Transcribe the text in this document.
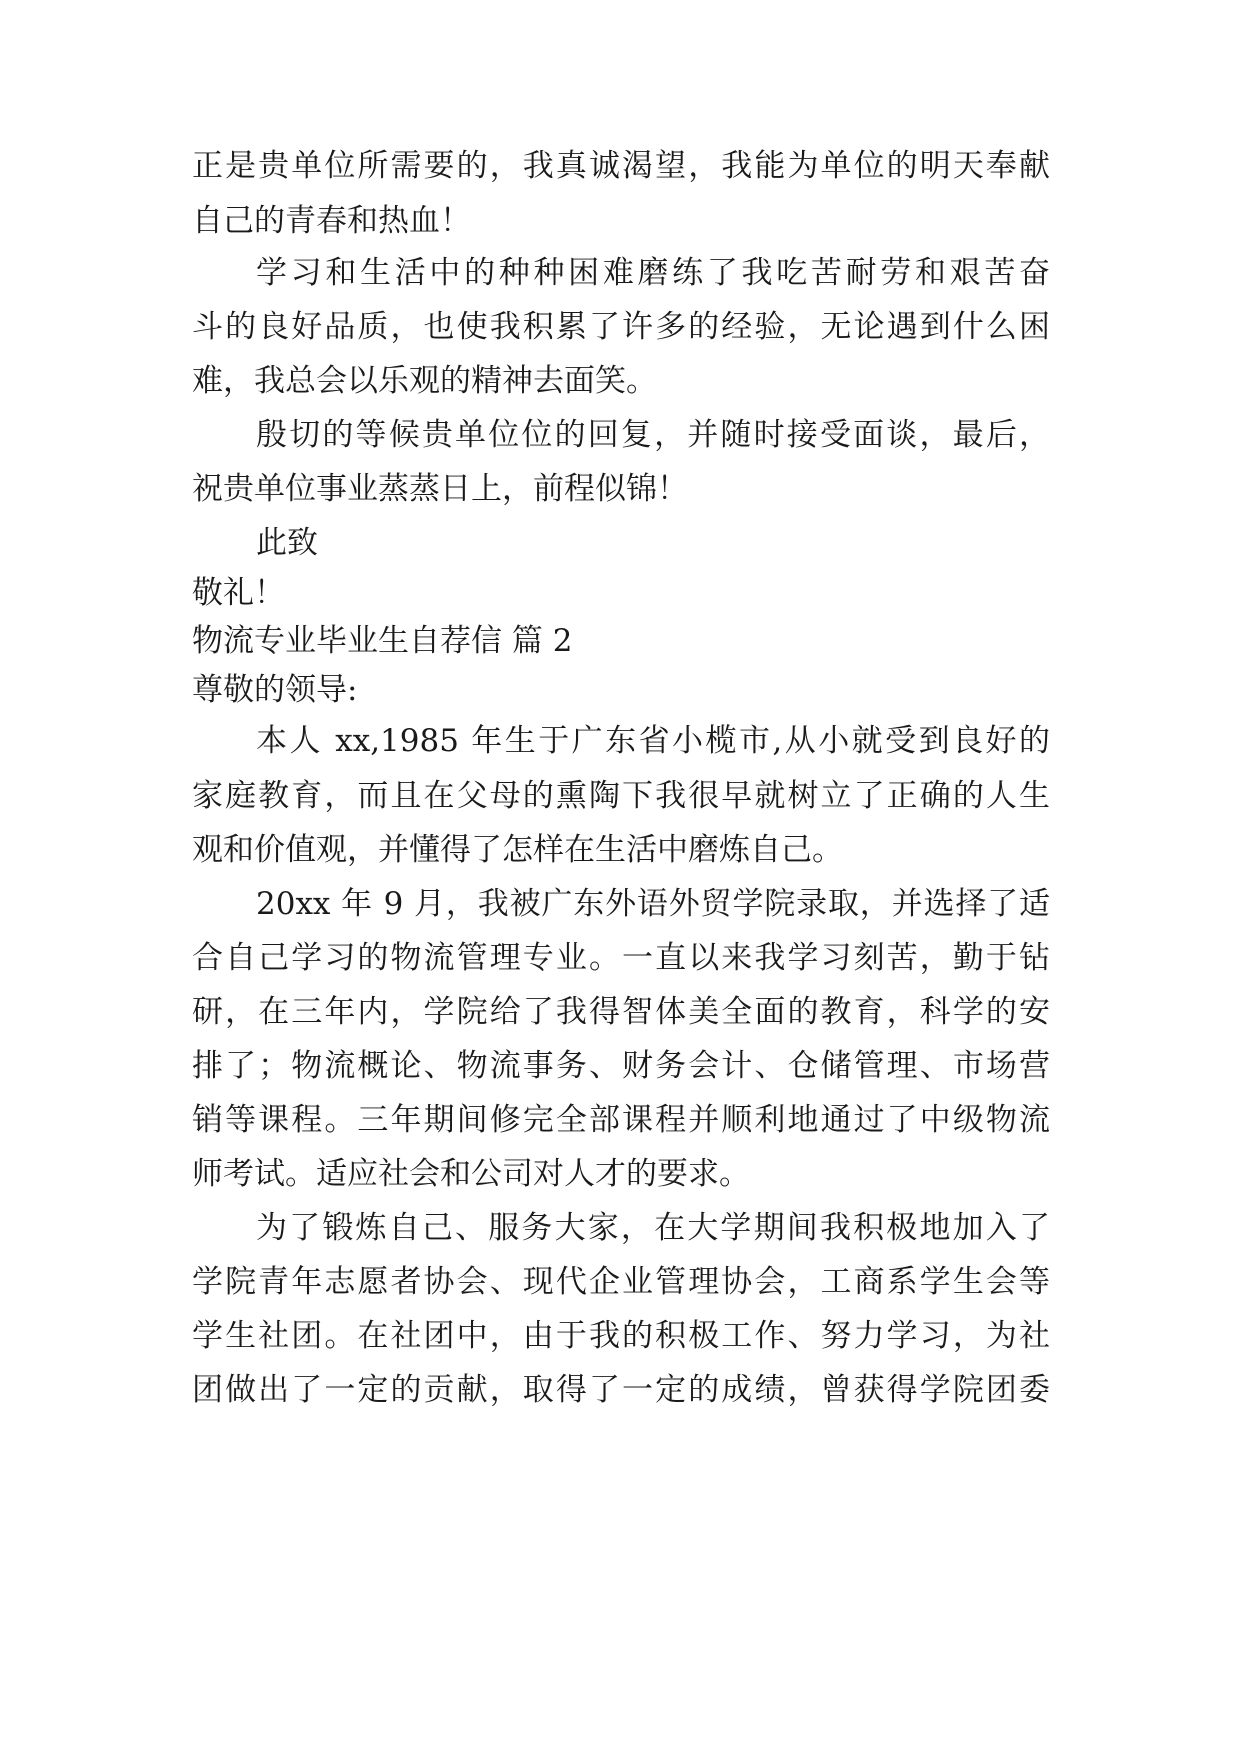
正是贵单位所需要的，我真诚渴望，我能为单位的明天奉献
自己的青春和热血！
学习和生活中的种种困难磨练了我吃苦耐劳和艰苦奋
斗的良好品质，也使我积累了许多的经验，无论遇到什么困
难，我总会以乐观的精神去面笑。
殷切的等候贵单位位的回复，并随时接受面谈，最后，
祝贵单位事业蒸蒸日上，前程似锦！
此致
敬礼！
物流专业毕业生自荐信 篇 2
尊敬的领导:
本人 xx,1985 年生于广东省小榄市,从小就受到良好的
家庭教育，而且在父母的熏陶下我很早就树立了正确的人生
观和价值观，并懂得了怎样在生活中磨炼自己。
20xx 年 9 月，我被广东外语外贸学院录取，并选择了适
合自己学习的物流管理专业。一直以来我学习刻苦，勤于钻
研，在三年内，学院给了我得智体美全面的教育，科学的安
排了；物流概论、物流事务、财务会计、仓储管理、市场营
销等课程。三年期间修完全部课程并顺利地通过了中级物流
师考试。适应社会和公司对人才的要求。
为了锻炼自己、服务大家，在大学期间我积极地加入了
学院青年志愿者协会、现代企业管理协会，工商系学生会等
学生社团。在社团中，由于我的积极工作、努力学习，为社
团做出了一定的贡献，取得了一定的成绩，曾获得学院团委
